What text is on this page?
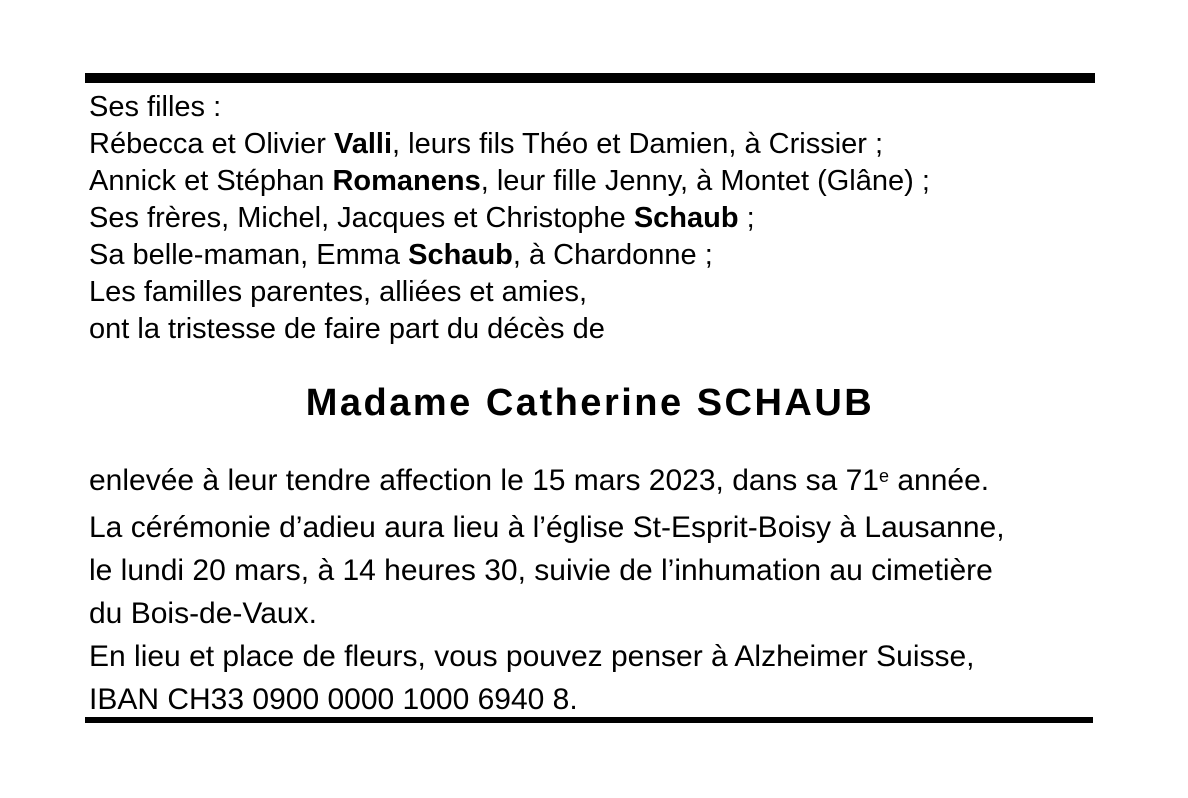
Ses filles :
Rébecca et Olivier Valli, leurs fils Théo et Damien, à Crissier ;
Annick et Stéphan Romanens, leur fille Jenny, à Montet (Glâne) ;
Ses frères, Michel, Jacques et Christophe Schaub ;
Sa belle-maman, Emma Schaub, à Chardonne ;
Les familles parentes, alliées et amies,
ont la tristesse de faire part du décès de
Madame Catherine SCHAUB
enlevée à leur tendre affection le 15 mars 2023, dans sa 71e année.
La cérémonie d’adieu aura lieu à l’église St-Esprit-Boisy à Lausanne,
le lundi 20 mars, à 14 heures 30, suivie de l’inhumation au cimetière
du Bois-de-Vaux.
En lieu et place de fleurs, vous pouvez penser à Alzheimer Suisse,
IBAN CH33 0900 0000 1000 6940 8.
